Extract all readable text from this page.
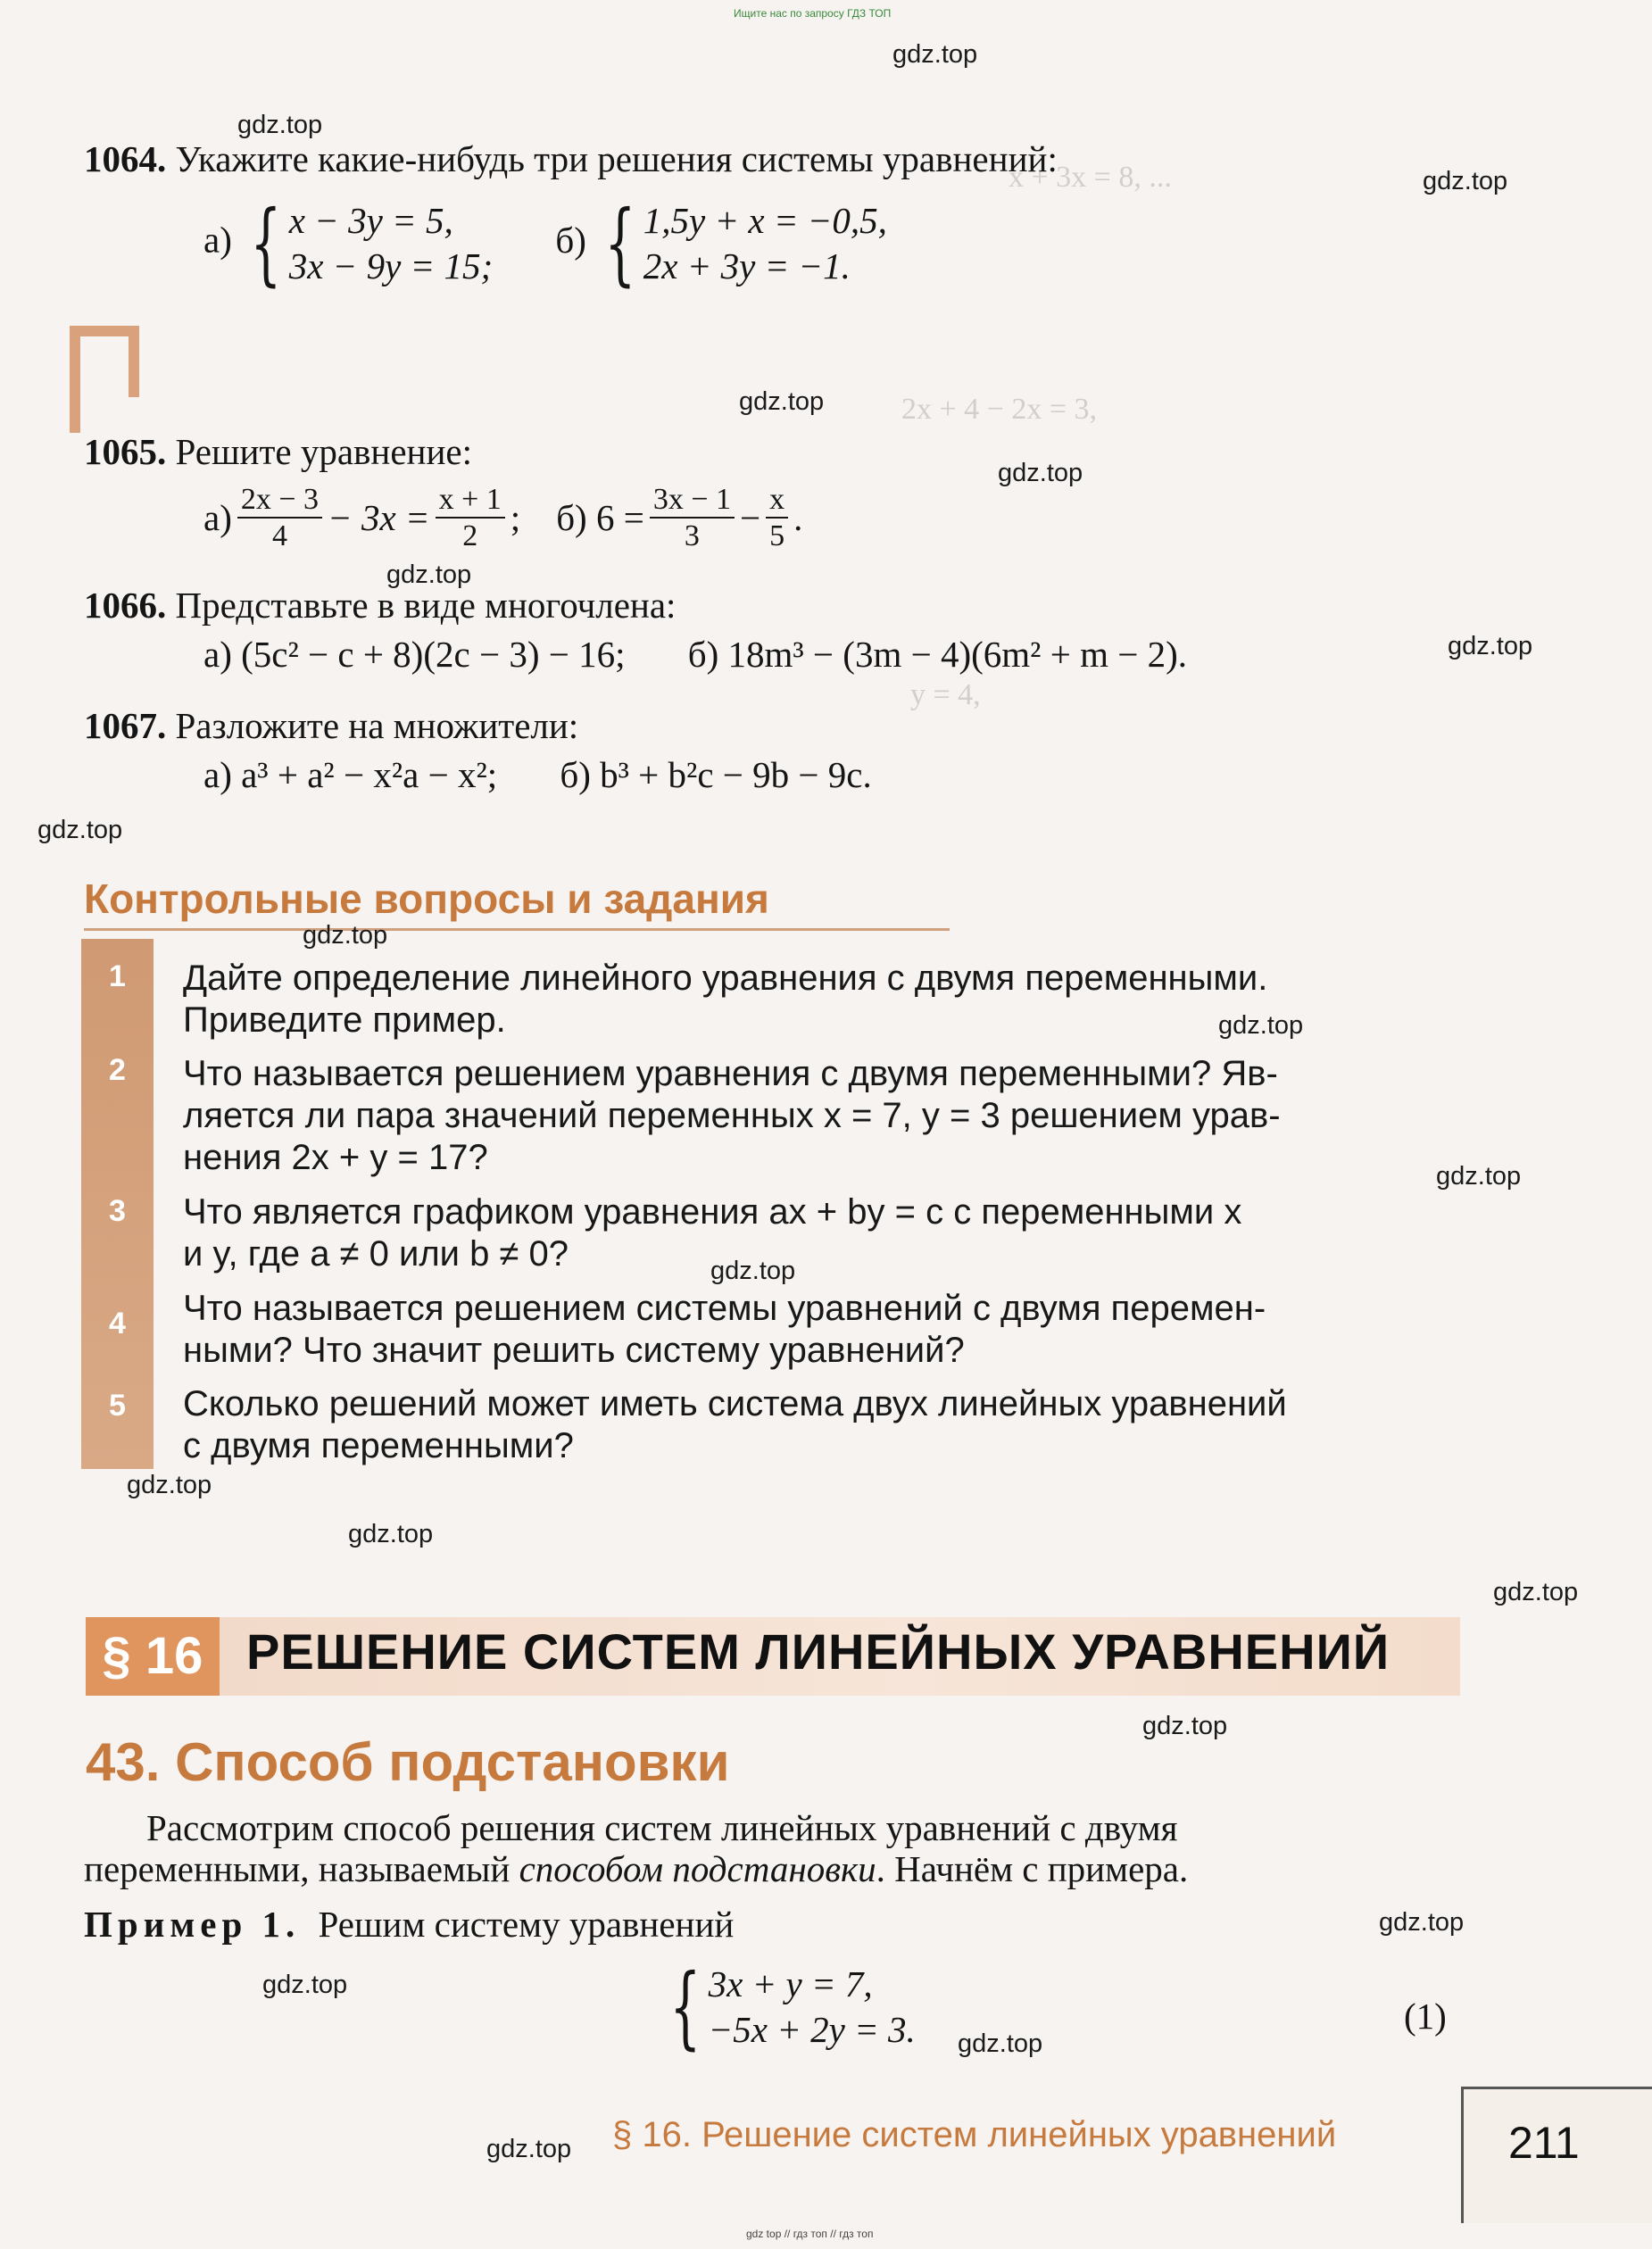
Ищите нас по запросу ГДЗ ТОП
gdz top // гдз топ // гдз топ
x + 3x = 8, ...
2x + 4 − 2x = 3,
y = 4,
1064. Укажите какие-нибудь три решения системы уравнений:
а) { x − 3y = 5,
3x − 9y = 15;
б) { 1,5y + x = −0,5,
2x + 3y = −1.
1065. Решите уравнение:
$а) \frac{2x - 3}{4} - 3x = \frac{x + 1}{2}$ ; б) $6 = \frac{3x - 1}{3} - \frac{x}{5}$ .
1066. Представьте в виде многочлена:
а) (5c² − c + 8)(2c − 3) − 16; б) 18m³ − (3m − 4)(6m² + m − 2).
1067. Разложите на множители:
а) a³ + a² − x²a − x²; б) b³ + b²c − 9b − 9c.
Контрольные вопросы и задания
1	Дайте определение линейного уравнения с двумя переменными.
Приведите пример.
2	Что называется решением уравнения с двумя переменными? Яв-
ляется ли пара значений переменных x = 7, y = 3 решением урав-
нения 2x + y = 17?
3	Что является графиком уравнения ax + by = c с переменными x
и y, где a ≠ 0 или b ≠ 0?
4	Что называется решением системы уравнений с двумя перемен-
ными? Что значит решить систему уравнений?
5	Сколько решений может иметь система двух линейных уравнений
с двумя переменными?
§ 16 РЕШЕНИЕ СИСТЕМ ЛИНЕЙНЫХ УРАВНЕНИЙ
43. Способ подстановки
Рассмотрим способ решения систем линейных уравнений с двумя
переменными, называемый способом подстановки. Начнём с примера.
Пример 1. Решим систему уравнений
{ 3x + y = 7,
−5x + 2y = 3.	(1)
§ 16. Решение систем линейных уравнений	211
gdz.top
gdz.top
gdz.top
gdz.top
gdz.top
gdz.top
gdz.top
gdz.top
gdz.top
gdz.top
gdz.top
gdz.top
gdz.top
gdz.top
gdz.top
gdz.top
gdz.top
gdz.top
gdz.top
gdz.top
